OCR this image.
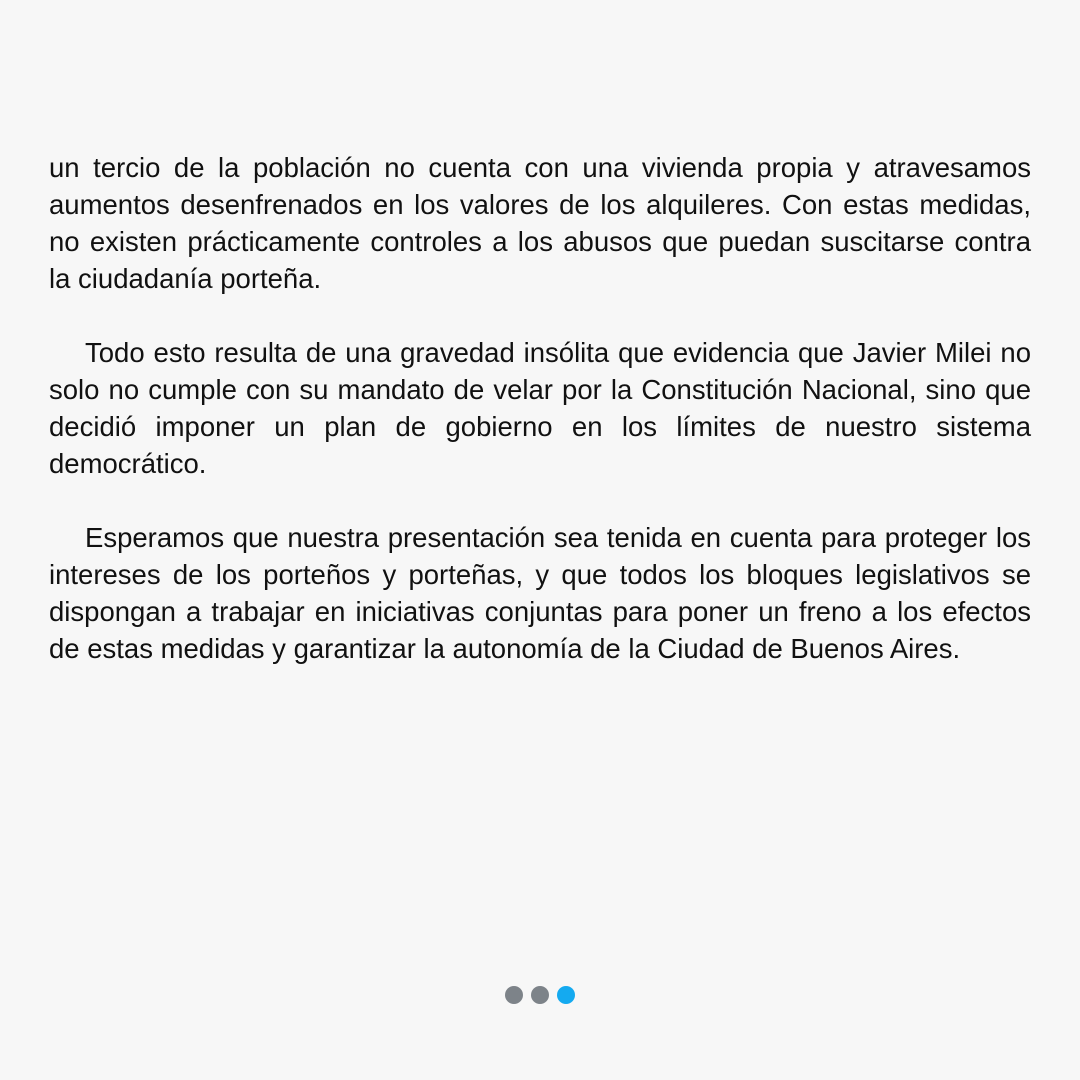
un tercio de la población no cuenta con una vivienda propia y atravesamos aumentos desenfrenados en los valores de los alquileres. Con estas medidas, no existen prácticamente controles a los abusos que puedan suscitarse contra la ciudadanía porteña.

Todo esto resulta de una gravedad insólita que evidencia que Javier Milei no solo no cumple con su mandato de velar por la Constitución Nacional, sino que decidió imponer un plan de gobierno en los límites de nuestro sistema democrático.

Esperamos que nuestra presentación sea tenida en cuenta para proteger los intereses de los porteños y porteñas, y que todos los bloques legislativos se dispongan a trabajar en iniciativas conjuntas para poner un freno a los efectos de estas medidas y garantizar la autonomía de la Ciudad de Buenos Aires.
